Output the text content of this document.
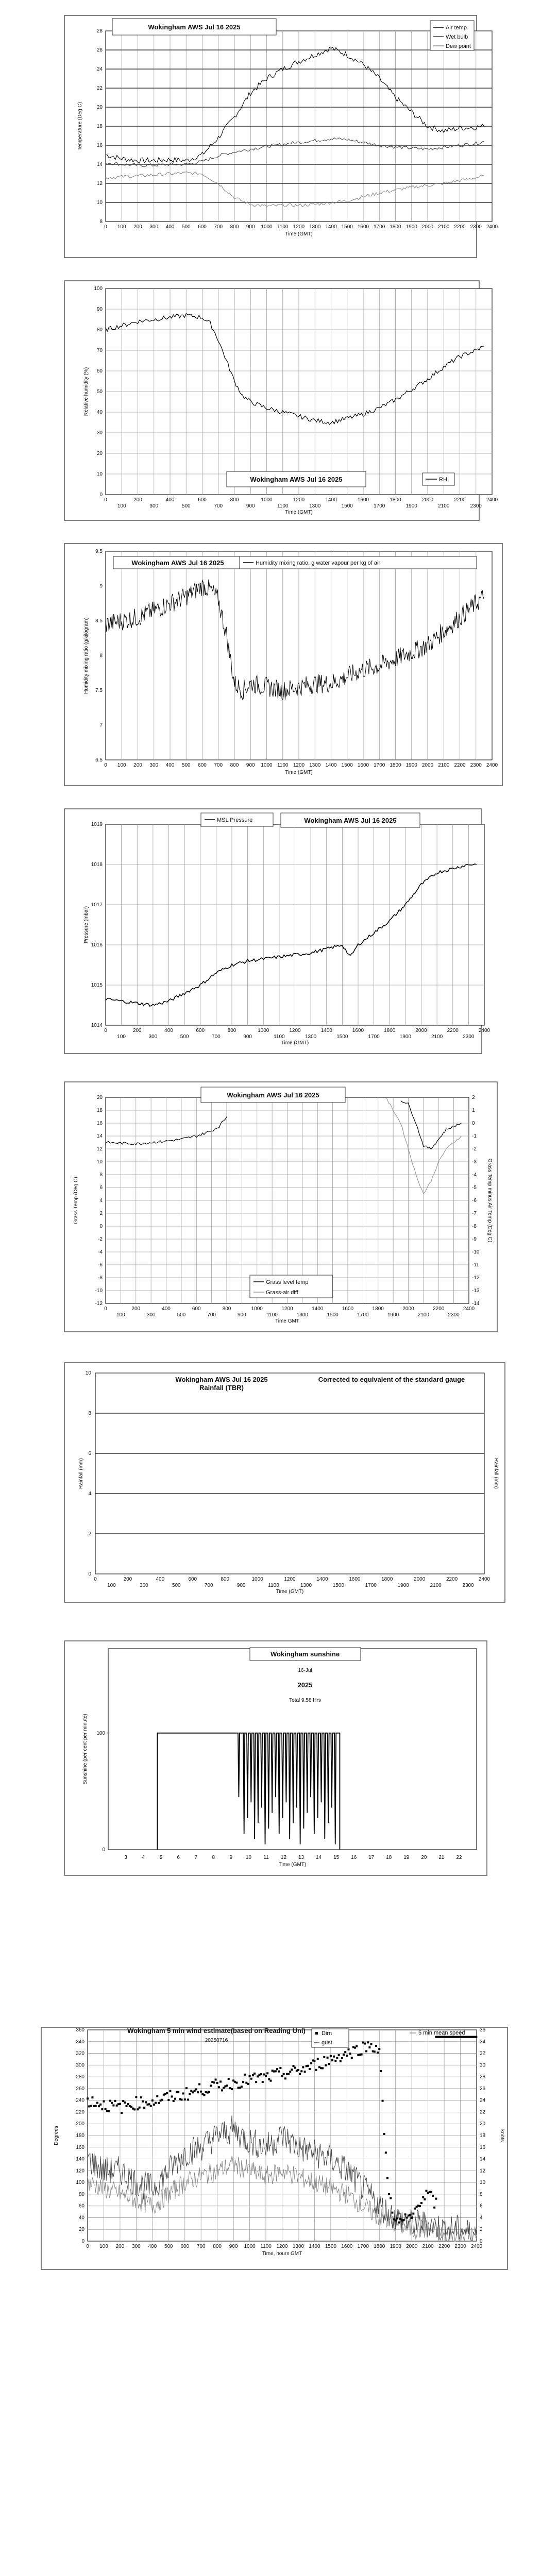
8
10
12
14
16
18
20
22
24
26
28
0 100 200 300 400 500 600 700 800 900 1000 1100 1200 1300 1400 1500 1600 1700 1800 1900 2000 2100 2200 2300 2400
Time (GMT)
Temperature (Deg C)
Wokingham AWS Jul 16 2025	Air temp
Wet bulb
Dew point
0
10
20
30
40
50
60
70
80
90
100
0	200	400	600	800	1000	1200	1400	1600	1800	2000	2200	2400
100	300	500	700	900	1100	1300	1500	1700	1900	2100	2300
Time (GMT)
Relative humidity (%)
Wokingham AWS Jul 16 2025	RH
6.5
7
7.5
8
8.5
9
9.5
0 100 200 300 400 500 600 700 800 900 1000 1100 1200 1300 1400 1500 1600 1700 1800 1900 2000 2100 2200 2300 2400
Time (GMT)
Humidity mixing ratio (g/kilogram)
Wokingham AWS Jul 16 2025	Humidity mixing ratio, g water vapour per kg of air
1014
1015
1016
1017
1018
1019
0	200	400	600	800	1000	1200	1400	1600	1800	2000	2200	2400
100	300	500	700	900	1100	1300	1500	1700	1900	2100	2300
Time (GMT)
Pressure (mbar)
MSL Pressure	Wokingham AWS Jul 16 2025
-12
-10
-8
-6
-4
-2
0
2
4
6
8
10
12
14
16
18
20
-14
-13
-12
-11
-10
-9
-8
-7
-6
-5
-4
-3
-2
-1
0
1
2
0	200	400	600	800	1000	1200	1400	1600	1800	2000	2200	2400
100	300	500	700	900	1100	1300	1500	1700	1900	2100	2300
Time GMT
Grass Temp (Deg C)	Grass Temp minus Air Temp (Deg C)
Wokingham AWS Jul 16 2025
Grass level temp
Grass-air diff
0
2
4
6
8
10
0	200	400	600	800	1000	1200	1400	1600	1800	2000	2200	2400
100	300	500	700	900	1100	1300	1500	1700	1900	2100	2300
Time (GMT)
Rainfall (mm)	Rainfall (mm)
Wokingham AWS Jul 16 2025
Rainfall (TBR)
Corrected to equivalent of the standard gauge
0
100
3	4	5	6	7	8	9	10 11 12 13 14 15 16 17 18 19 20 21 22
Time (GMT)
Sunshine (per cent per minute)
Wokingham sunshine
16-Jul
2025
Total 9.58 Hrs
0
20
40
60
80
100
120
140
160
180
200
220
240
260
280
300
320
340
360
0
2
4
6
8
10
12
14
16
18
20
22
24
26
28
30
32
34
36
0 100 200 300 400 500 600 700 800 900 1000 1100 1200 1300 1400 1500 1600 1700 1800 1900 2000 2100 2200 2300 2400
Time, hours GMT
Degrees	knots
Wokingham 5 min wind estimate(based on Reading Uni)
20250716
Dirn
gust
5 min mean speed
